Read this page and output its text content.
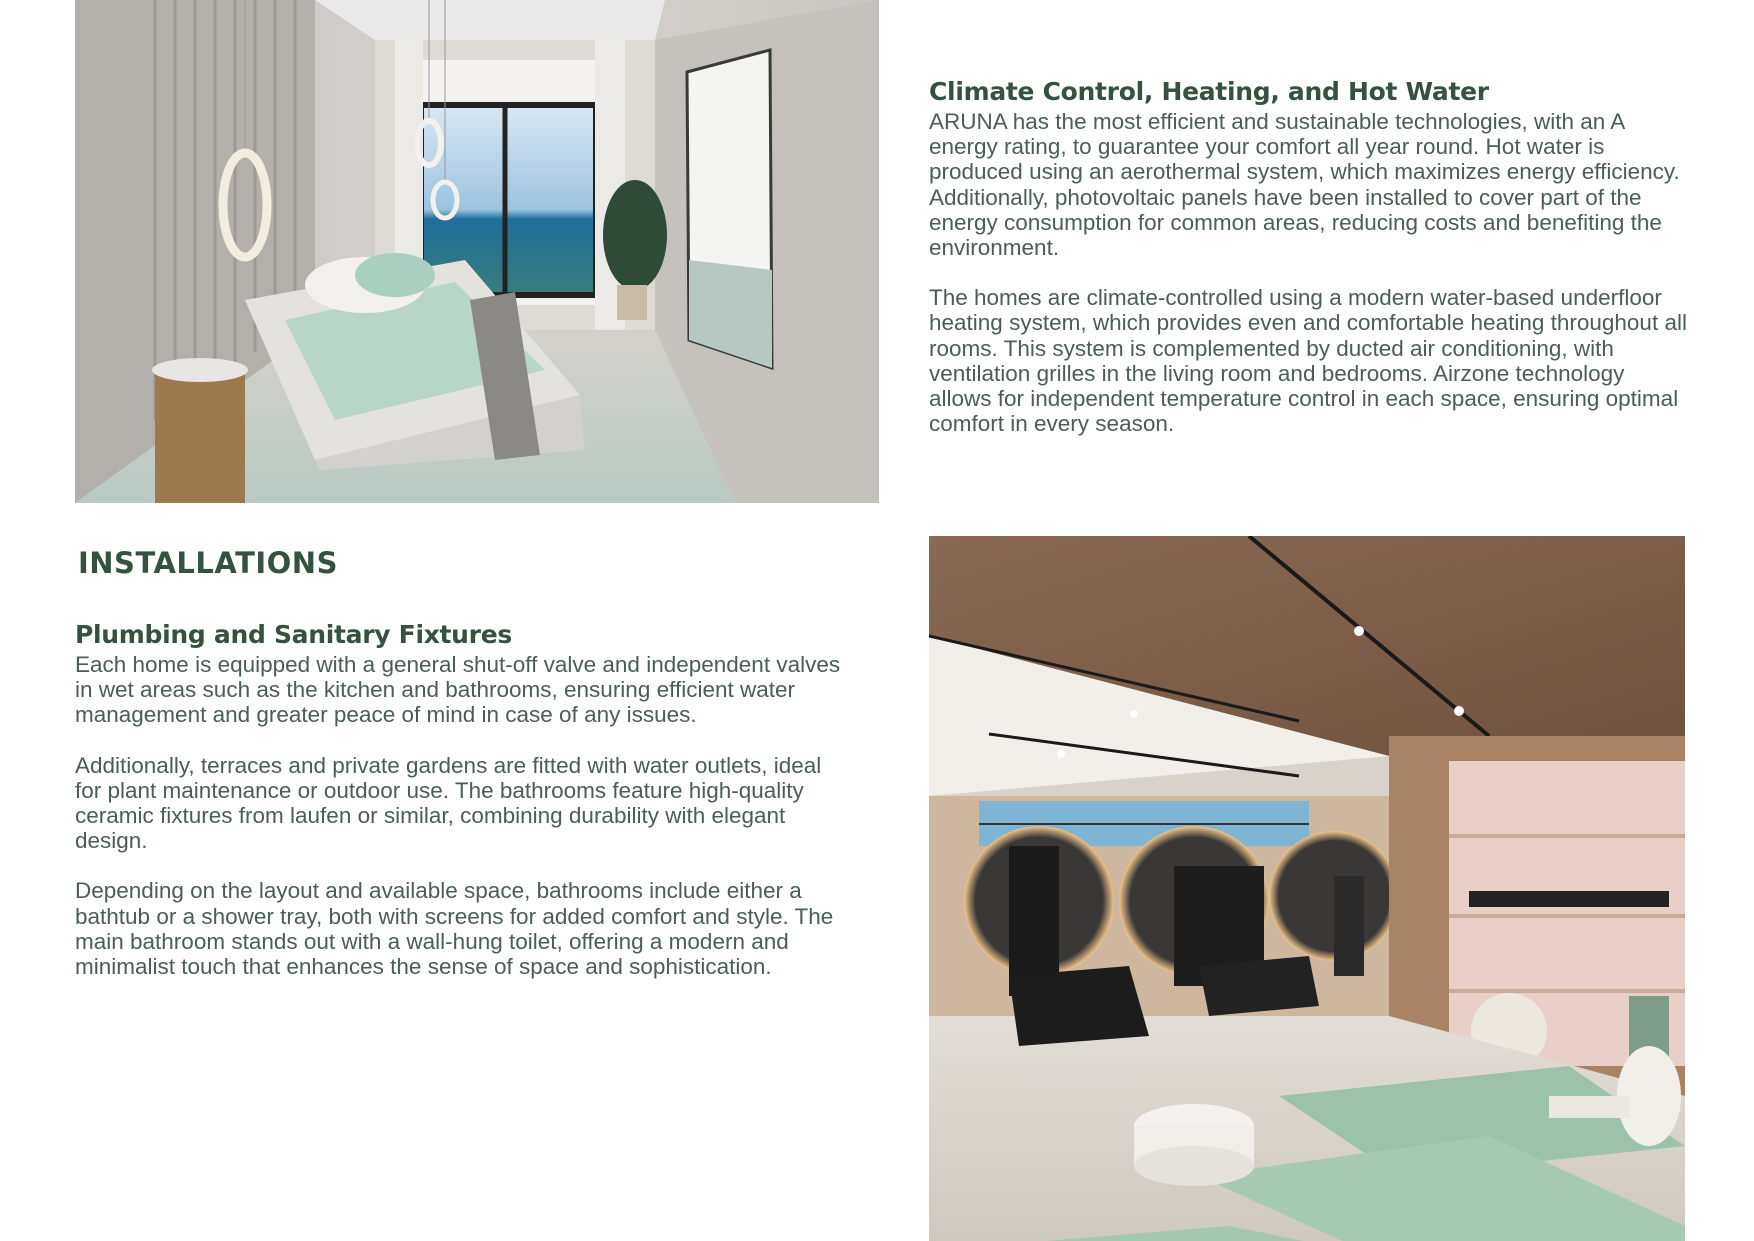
Climate Control, Heating, and Hot Water

ARUNA has the most efficient and sustainable technologies, with an A energy rating, to guarantee your comfort all year round. Hot water is produced using an aerothermal system, which maximizes energy efficiency. Additionally, photovoltaic panels have been installed to cover part of the energy consumption for common areas, reducing costs and benefiting the environment.

The homes are climate-controlled using a modern water-based underfloor heating system, which provides even and comfortable heating throughout all rooms. This system is complemented by ducted air conditioning, with ventilation grilles in the living room and bedrooms. Airzone technology allows for independent temperature control in each space, ensuring optimal comfort in every season.

INSTALLATIONS
Plumbing and Sanitary Fixtures

Each home is equipped with a general shut-off valve and independent valves in wet areas such as the kitchen and bathrooms, ensuring efficient water management and greater peace of mind in case of any issues.

Additionally, terraces and private gardens are fitted with water outlets, ideal for plant maintenance or outdoor use. The bathrooms feature high-quality ceramic fixtures from laufen or similar, combining durability with elegant design.

Depending on the layout and available space, bathrooms include either a bathtub or a shower tray, both with screens for added comfort and style. The main bathroom stands out with a wall-hung toilet, offering a modern and minimalist touch that enhances the sense of space and sophistication.
